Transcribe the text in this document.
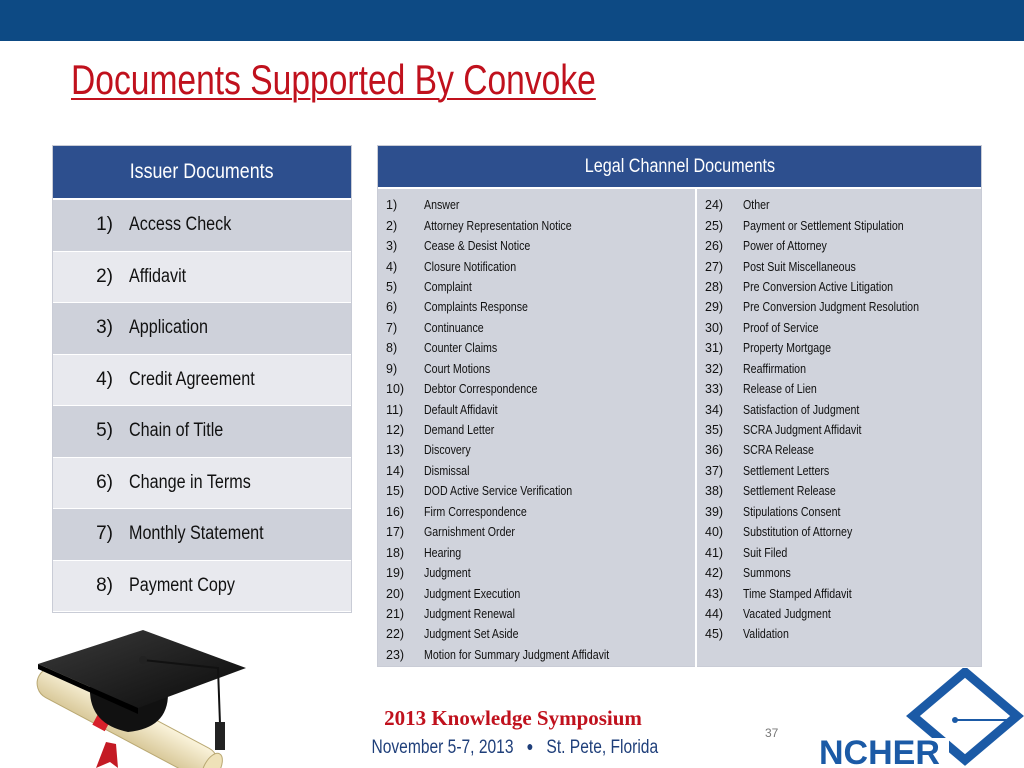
Documents Supported By Convoke
Issuer Documents
1) Access Check
2) Affidavit
3) Application
4) Credit Agreement
5) Chain of Title
6) Change in Terms
7) Monthly Statement
8) Payment Copy
Legal Channel Documents
1)	Answer
2)	Attorney Representation Notice
3)	Cease & Desist Notice
4)	Closure Notification
5)	Complaint
6)	Complaints Response
7)	Continuance
8)	Counter Claims
9)	Court Motions
10)	Debtor Correspondence
11)	Default Affidavit
12)	Demand Letter
13)	Discovery
14)	Dismissal
15)	DOD Active Service Verification
16)	Firm Correspondence
17)	Garnishment Order
18)	Hearing
19)	Judgment
20)	Judgment Execution
21)	Judgment Renewal
22)	Judgment Set Aside
23)	Motion for Summary Judgment Affidavit
24)	Other
25)	Payment or Settlement Stipulation
26)	Power of Attorney
27)	Post Suit Miscellaneous
28)	Pre Conversion Active Litigation
29)	Pre Conversion Judgment Resolution
30)	Proof of Service
31)	Property Mortgage
32)	Reaffirmation
33)	Release of Lien
34)	Satisfaction of Judgment
35)	SCRA Judgment Affidavit
36)	SCRA Release
37)	Settlement Letters
38)	Settlement Release
39)	Stipulations Consent
40)	Substitution of Attorney
41)	Suit Filed
42)	Summons
43)	Time Stamped Affidavit
44)	Vacated Judgment
45)	Validation
2013 Knowledge Symposium
November 5-7, 2013 ● St. Pete, Florida
37
NCHER
